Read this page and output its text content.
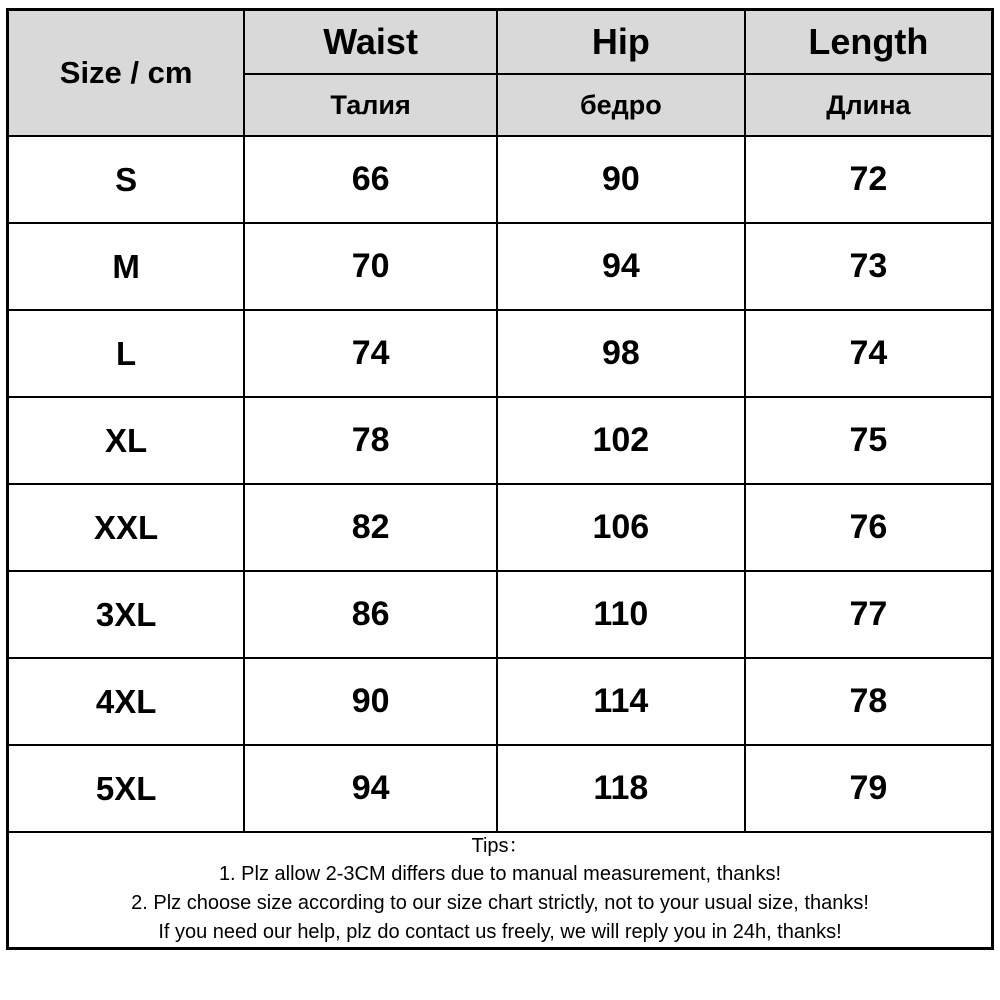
Size / cm	Waist	Hip	Length
	Талия	бедро	Длина
S	66	90	72
M	70	94	73
L	74	98	74
XL	78	102	75
XXL	82	106	76
3XL	86	110	77
4XL	90	114	78
5XL	94	118	79

Tips：
1. Plz allow 2-3CM differs due to manual measurement, thanks!
2. Plz choose size according to our size chart strictly, not to your usual size, thanks!
If you need our help, plz do contact us freely, we will reply you in 24h, thanks!			
